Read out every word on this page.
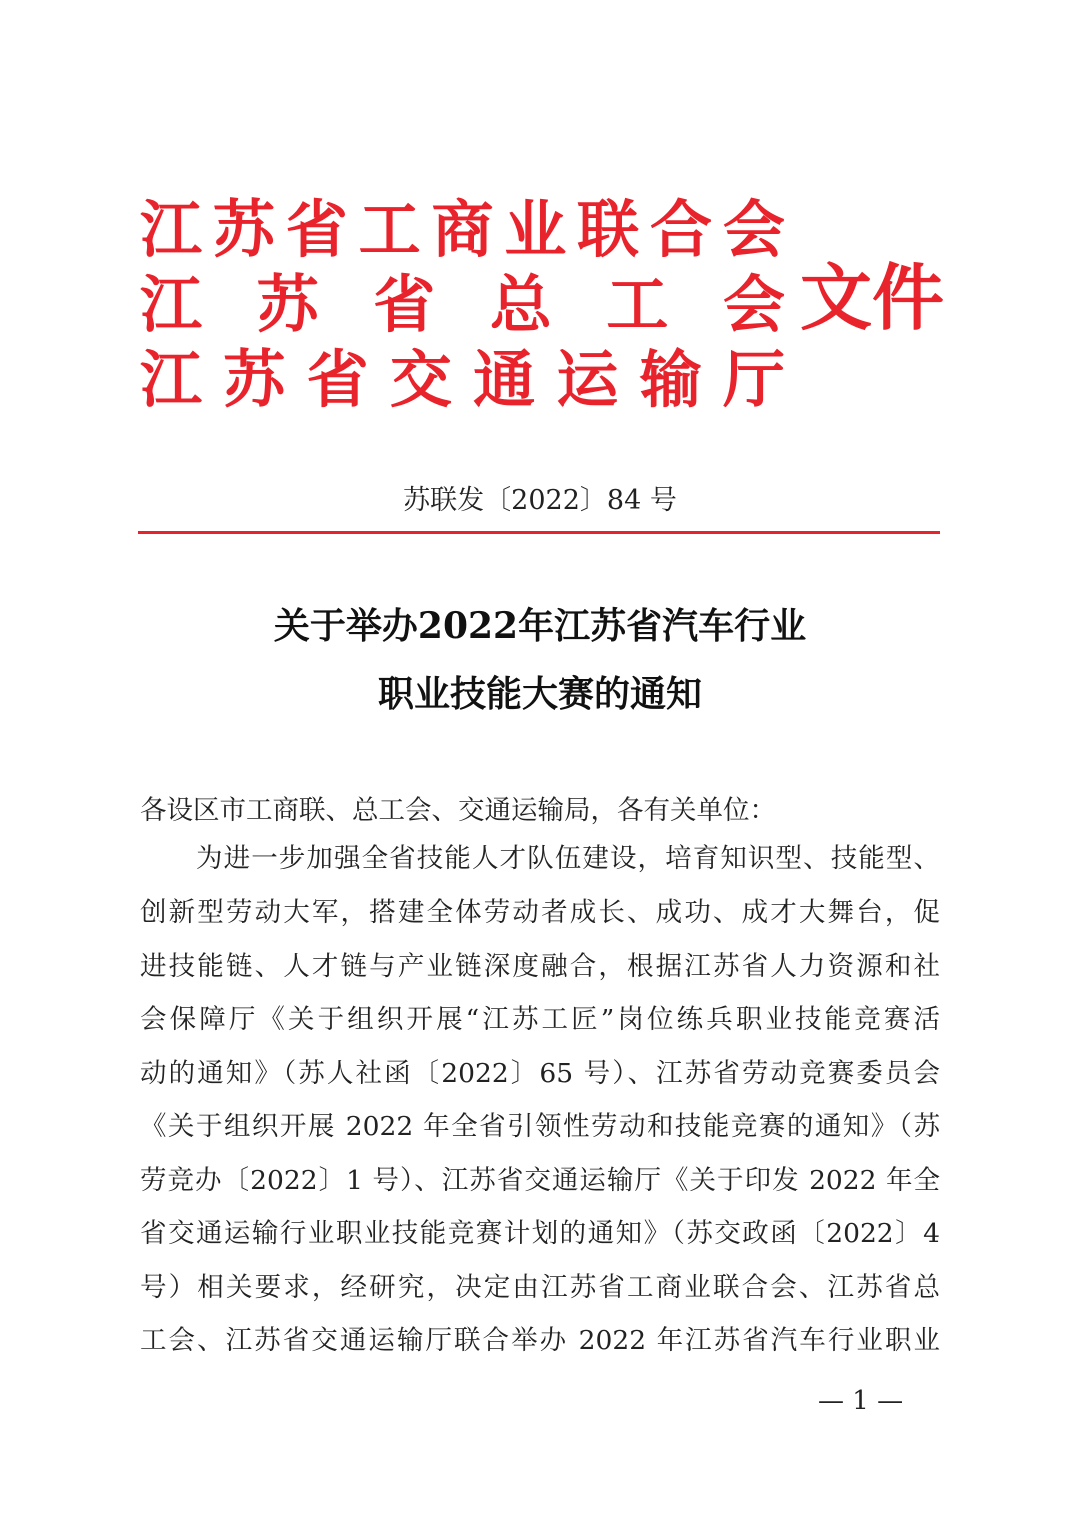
江 苏 省 工 商 业 联 合 会
江 苏 省 总 工 会
江 苏 省 交 通 运 输 厅
文件
苏联发〔2022〕84 号
关于举办2022年江苏省汽车行业
职业技能大赛的通知
各设区市工商联、总工会、交通运输局，各有关单位：
为进一步加强全省技能人才队伍建设，培育知识型、技能型、
创新型劳动大军，搭建全体劳动者成长、成功、成才大舞台，促
进技能链、人才链与产业链深度融合，根据江苏省人力资源和社
会保障厅《关于组织开展“江苏工匠”岗位练兵职业技能竞赛活
动的通知》（苏人社函〔2022〕65 号）、江苏省劳动竞赛委员会
《关于组织开展 2022 年全省引领性劳动和技能竞赛的通知》（苏
劳竞办〔2022〕1 号）、江苏省交通运输厅《关于印发 2022 年全
省交通运输行业职业技能竞赛计划的通知》（苏交政函〔2022〕4
号）相关要求，经研究，决定由江苏省工商业联合会、江苏省总
工会、江苏省交通运输厅联合举办 2022 年江苏省汽车行业职业
— 1 —
